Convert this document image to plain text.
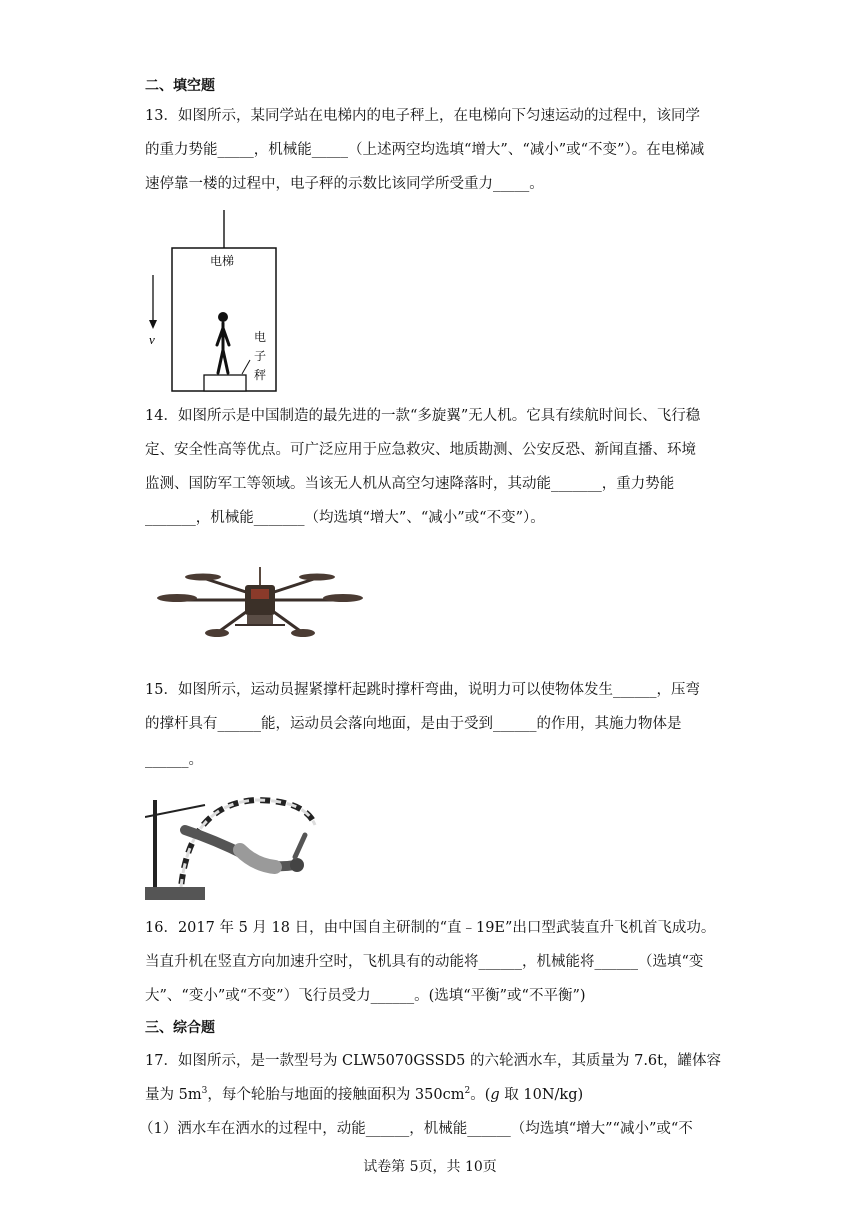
二、填空题
13．如图所示，某同学站在电梯内的电子秤上，在电梯向下匀速运动的过程中，该同学
的重力势能_____，机械能_____（上述两空均选填“增大”、“减小”或“不变”）。在电梯减
速停靠一楼的过程中，电子秤的示数比该同学所受重力_____。
电梯
v	电
子
秤
14．如图所示是中国制造的最先进的一款“多旋翼”无人机。它具有续航时间长、飞行稳
定、安全性高等优点。可广泛应用于应急救灾、地质勘测、公安反恐、新闻直播、环境
监测、国防军工等领域。当该无人机从高空匀速降落时，其动能_______，重力势能
_______，机械能_______（均选填“增大”、“减小”或“不变”）。
15．如图所示，运动员握紧撑杆起跳时撑杆弯曲，说明力可以使物体发生______，压弯
的撑杆具有______能，运动员会落向地面，是由于受到______的作用，其施力物体是
______。
16．2017 年 5 月 18 日，由中国自主研制的“直﹣19E”出口型武装直升飞机首飞成功。
当直升机在竖直方向加速升空时，飞机具有的动能将______，机械能将______（选填“变
大”、“变小”或“不变”）飞行员受力______。(选填“平衡”或“不平衡”)
三、综合题
17．如图所示，是一款型号为 CLW5070GSSD5 的六轮洒水车，其质量为 7.6t，罐体容
量为 $5m^3$，每个轮胎与地面的接触面积为 $350cm^2$。(g 取 10N/kg)
（1）洒水车在洒水的过程中，动能______，机械能______（均选填“增大”“减小”或“不
试卷第 5页，共 10页
